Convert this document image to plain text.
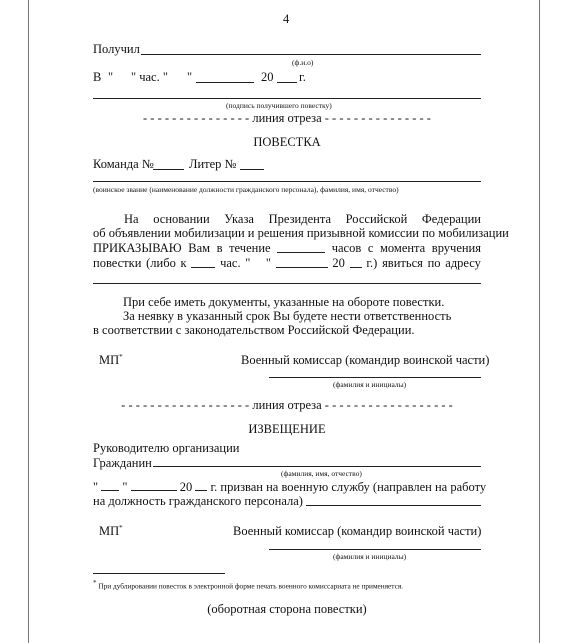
4
Получил
(ф.и.о)
В " " час. " "	20 г.
(подпись получившего повестку)
- - - - - - - - - - - - - - - линия отреза - - - - - - - - - - - - - - -
ПОВЕСТКА
Команда №	Литер №
(воинское звание (наименование должности гражданского персонала), фамилия, имя, отчество)
На основании Указа Президента Российской Федерации
об объявлении мобилизации и решения призывной комиссии по мобилизации
ПРИКАЗЫВАЮ Вам в течение	часов с момента вручения
повестки (либо к	час. " "	20 г.) явиться по адресу
При себе иметь документы, указанные на обороте повестки.
За неявку в указанный срок Вы будете нести ответственность
в соответствии с законодательством Российской Федерации.
МП*	Военный комиссар (командир воинской части)
(фамилия и инициалы)
- - - - - - - - - - - - - - - - - - линия отреза - - - - - - - - - - - - - - - - - -
ИЗВЕЩЕНИЕ
Руководителю организации
Гражданин
(фамилия, имя, отчество)
" "	20 г. призван на военную службу (направлен на работу
на должность гражданского персонала)
МП*	Военный комиссар (командир воинской части)
(фамилия и инициалы)
* При дублировании повесток в электронной форме печать военного комиссариата не применяется.
(оборотная сторона повестки)
